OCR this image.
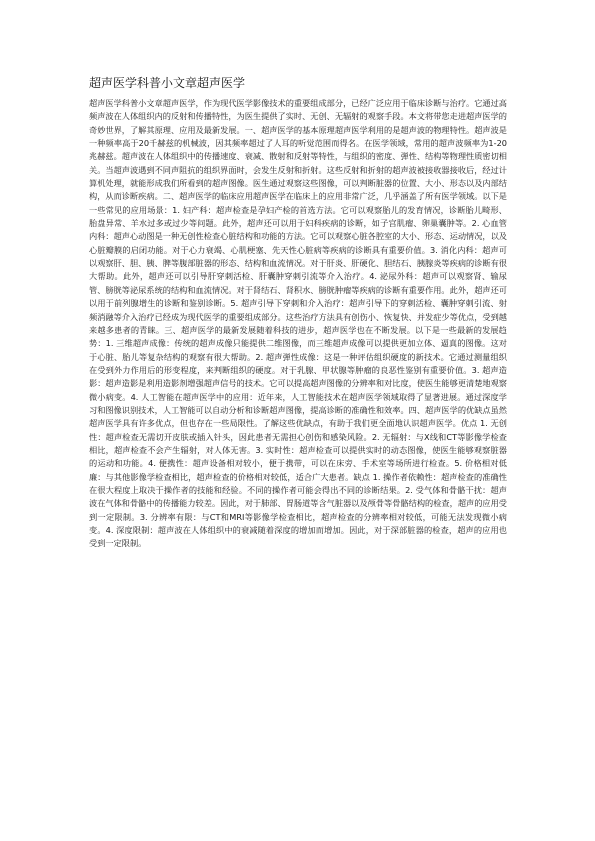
超声医学科普小文章超声医学

超声医学科普小文章超声医学，作为现代医学影像技术的重要组成部分，已经广泛应用于临床诊断与治疗。它通过高频声波在人体组织内的反射和传播特性，为医生提供了实时、无创、无辐射的观察手段。本文将带您走进超声医学的奇妙世界，了解其原理、应用及最新发展。一、超声医学的基本原理超声医学利用的是超声波的物理特性。超声波是一种频率高于20千赫兹的机械波，因其频率超过了人耳的听觉范围而得名。在医学领域，常用的超声波频率为1-20兆赫兹。超声波在人体组织中的传播速度、衰减、散射和反射等特性，与组织的密度、弹性、结构等物理性质密切相关。当超声波遇到不同声阻抗的组织界面时，会发生反射和折射。这些反射和折射的超声波被接收器接收后，经过计算机处理，就能形成我们所看到的超声图像。医生通过观察这些图像，可以判断脏器的位置、大小、形态以及内部结构，从而诊断疾病。二、超声医学的临床应用超声医学在临床上的应用非常广泛，几乎涵盖了所有医学领域。以下是一些常见的应用场景：1. 妇产科：超声检查是孕妇产检的首选方法。它可以观察胎儿的发育情况，诊断胎儿畸形、胎盘异常、羊水过多或过少等问题。此外，超声还可以用于妇科疾病的诊断，如子宫肌瘤、卵巢囊肿等。2. 心血管内科：超声心动图是一种无创性检查心脏结构和功能的方法。它可以观察心脏各腔室的大小、形态、运动情况，以及心脏瓣膜的启闭功能。对于心力衰竭、心肌梗塞、先天性心脏病等疾病的诊断具有重要价值。3. 消化内科：超声可以观察肝、胆、胰、脾等腹部脏器的形态、结构和血流情况。对于肝炎、肝硬化、胆结石、胰腺炎等疾病的诊断有很大帮助。此外，超声还可以引导肝穿刺活检、肝囊肿穿刺引流等介入治疗。4. 泌尿外科：超声可以观察肾、输尿管、膀胱等泌尿系统的结构和血流情况。对于肾结石、肾积水、膀胱肿瘤等疾病的诊断有重要作用。此外，超声还可以用于前列腺增生的诊断和鉴别诊断。5. 超声引导下穿刺和介入治疗：超声引导下的穿刺活检、囊肿穿刺引流、射频消融等介入治疗已经成为现代医学的重要组成部分。这些治疗方法具有创伤小、恢复快、并发症少等优点，受到越来越多患者的青睐。三、超声医学的最新发展随着科技的进步，超声医学也在不断发展。以下是一些最新的发展趋势：1. 三维超声成像：传统的超声成像只能提供二维图像，而三维超声成像可以提供更加立体、逼真的图像。这对于心脏、胎儿等复杂结构的观察有很大帮助。2. 超声弹性成像：这是一种评估组织硬度的新技术。它通过测量组织在受到外力作用后的形变程度，来判断组织的硬度。对于乳腺、甲状腺等肿瘤的良恶性鉴别有重要价值。3. 超声造影：超声造影是利用造影剂增强超声信号的技术。它可以提高超声图像的分辨率和对比度，使医生能够更清楚地观察微小病变。4. 人工智能在超声医学中的应用：近年来，人工智能技术在超声医学领域取得了显著进展。通过深度学习和图像识别技术，人工智能可以自动分析和诊断超声图像，提高诊断的准确性和效率。四、超声医学的优缺点虽然超声医学具有许多优点，但也存在一些局限性。了解这些优缺点，有助于我们更全面地认识超声医学。优点 1. 无创性：超声检查无需切开皮肤或插入针头，因此患者无需担心创伤和感染风险。2. 无辐射：与X线和CT等影像学检查相比，超声检查不会产生辐射，对人体无害。3. 实时性：超声检查可以提供实时的动态图像，使医生能够观察脏器的运动和功能。4. 便携性：超声设备相对较小，便于携带，可以在床旁、手术室等场所进行检查。5. 价格相对低廉：与其他影像学检查相比，超声检查的价格相对较低，适合广大患者。缺点 1. 操作者依赖性：超声检查的准确性在很大程度上取决于操作者的技能和经验。不同的操作者可能会得出不同的诊断结果。2. 受气体和骨骼干扰：超声波在气体和骨骼中的传播能力较差。因此，对于肺部、胃肠道等含气脏器以及颅骨等骨骼结构的检查，超声的应用受到一定限制。3. 分辨率有限：与CT和MRI等影像学检查相比，超声检查的分辨率相对较低，可能无法发现微小病变。4. 深度限制：超声波在人体组织中的衰减随着深度的增加而增加。因此，对于深部脏器的检查，超声的应用也受到一定限制。
